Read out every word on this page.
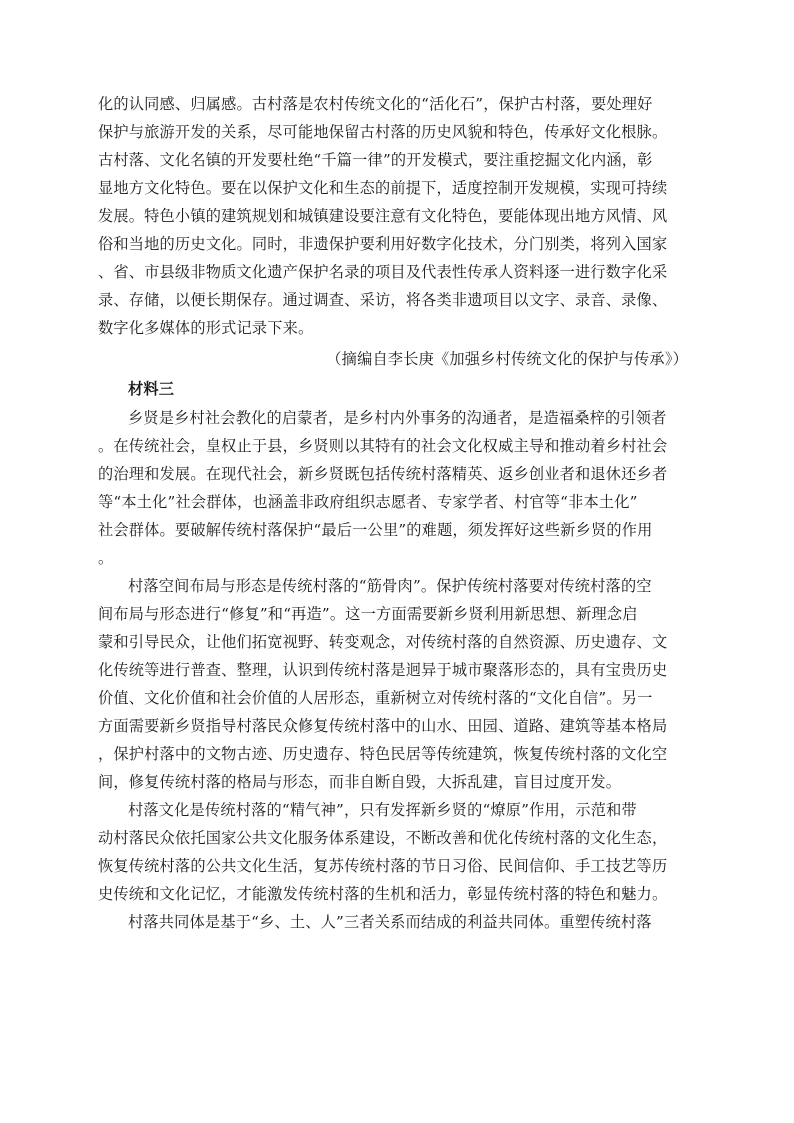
化的认同感、归属感。古村落是农村传统文化的“活化石”，保护古村落，要处理好
保护与旅游开发的关系，尽可能地保留古村落的历史风貌和特色，传承好文化根脉。
古村落、文化名镇的开发要杜绝“千篇一律”的开发模式，要注重挖掘文化内涵，彰
显地方文化特色。要在以保护文化和生态的前提下，适度控制开发规模，实现可持续
发展。特色小镇的建筑规划和城镇建设要注意有文化特色，要能体现出地方风情、风
俗和当地的历史文化。同时，非遗保护要利用好数字化技术，分门别类，将列入国家
、省、市县级非物质文化遗产保护名录的项目及代表性传承人资料逐一进行数字化采
录、存储，以便长期保存。通过调查、采访，将各类非遗项目以文字、录音、录像、
数字化多媒体的形式记录下来。
（摘编自李长庚《加强乡村传统文化的保护与传承》）
材料三
乡贤是乡村社会教化的启蒙者，是乡村内外事务的沟通者，是造福桑梓的引领者
。在传统社会，皇权止于县，乡贤则以其特有的社会文化权威主导和推动着乡村社会
的治理和发展。在现代社会，新乡贤既包括传统村落精英、返乡创业者和退休还乡者
等“本土化”社会群体，也涵盖非政府组织志愿者、专家学者、村官等“非本土化”
社会群体。要破解传统村落保护“最后一公里”的难题，须发挥好这些新乡贤的作用
。
村落空间布局与形态是传统村落的“筋骨肉”。保护传统村落要对传统村落的空
间布局与形态进行“修复”和“再造”。这一方面需要新乡贤利用新思想、新理念启
蒙和引导民众，让他们拓宽视野、转变观念，对传统村落的自然资源、历史遗存、文
化传统等进行普查、整理，认识到传统村落是迥异于城市聚落形态的，具有宝贵历史
价值、文化价值和社会价值的人居形态，重新树立对传统村落的“文化自信”。另一
方面需要新乡贤指导村落民众修复传统村落中的山水、田园、道路、建筑等基本格局
，保护村落中的文物古迹、历史遗存、特色民居等传统建筑，恢复传统村落的文化空
间，修复传统村落的格局与形态，而非自断自毁，大拆乱建，盲目过度开发。
村落文化是传统村落的“精气神”，只有发挥新乡贤的“燎原”作用，示范和带
动村落民众依托国家公共文化服务体系建设，不断改善和优化传统村落的文化生态，
恢复传统村落的公共文化生活，复苏传统村落的节日习俗、民间信仰、手工技艺等历
史传统和文化记忆，才能激发传统村落的生机和活力，彰显传统村落的特色和魅力。
村落共同体是基于“乡、土、人”三者关系而结成的利益共同体。重塑传统村落
